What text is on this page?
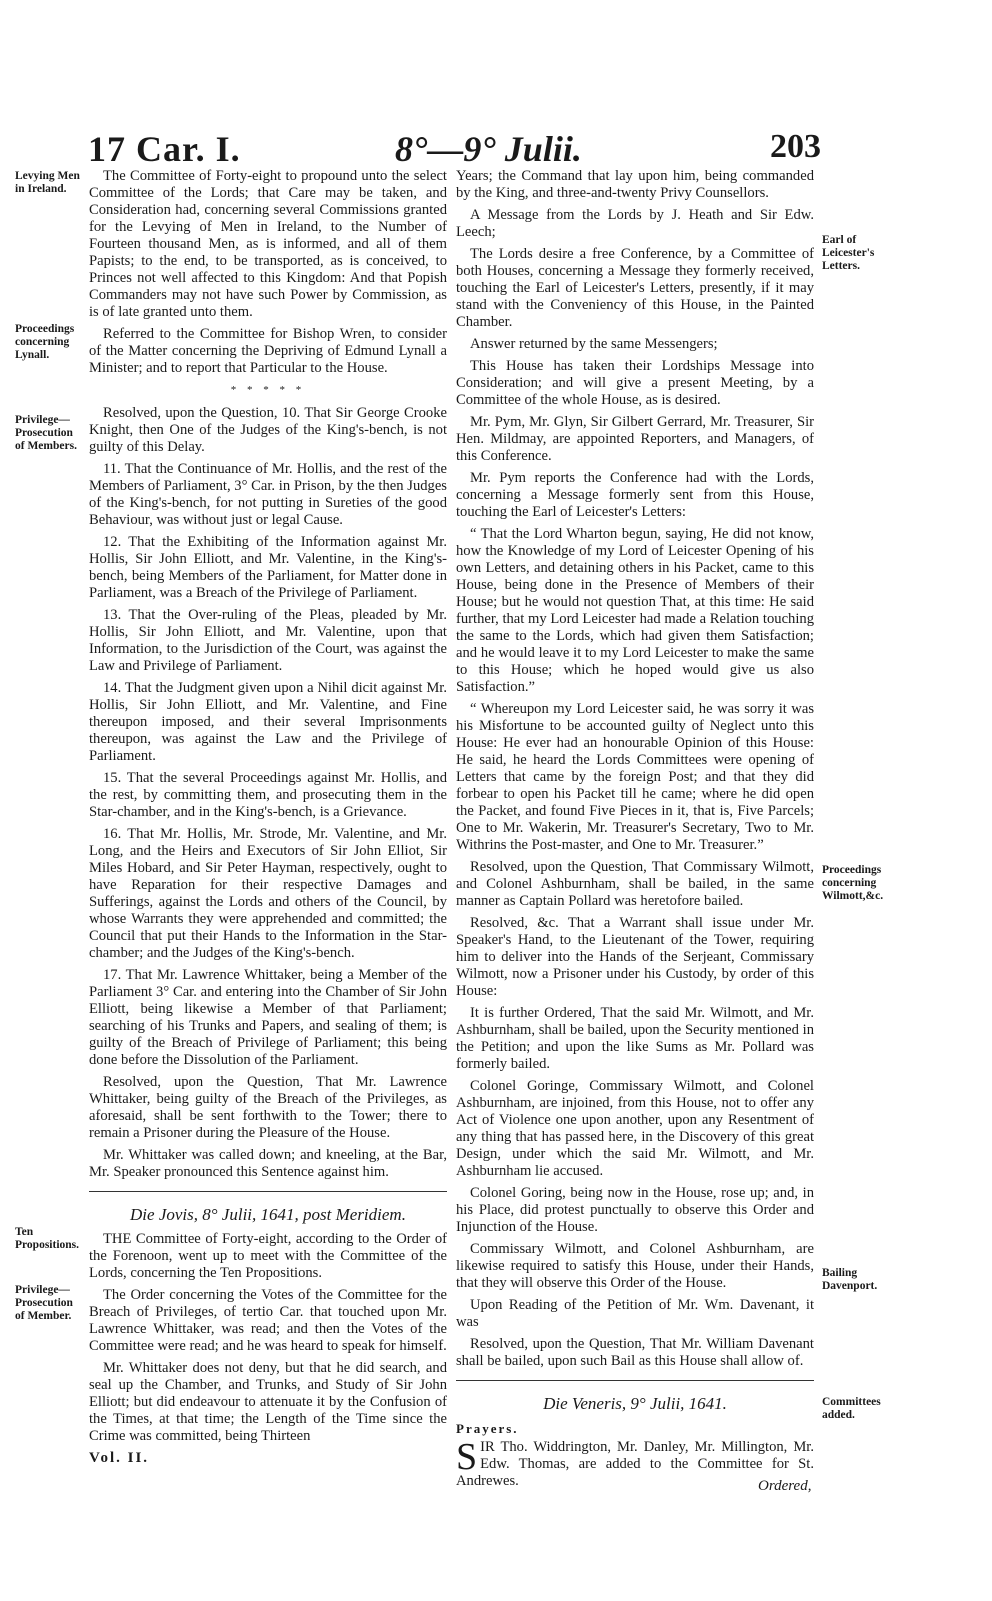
17 Car. I.	8°—9° Julii.	203
Levying Men in Ireland.
Proceedings concerning Lynall.
Privilege—Prosecution of Members.
Ten Propositions.
Privilege—Prosecution of Member.
Earl of Leicester's Letters.
Proceedings concerning Wilmott,&c.
Bailing Davenport.
Committees added.

The Committee of Forty-eight to propound unto the select Committee of the Lords; that Care may be taken, and Consideration had, concerning several Commissions granted for the Levying of Men in Ireland, to the Number of Fourteen thousand Men, as is informed, and all of them Papists; to the end, to be transported, as is conceived, to Princes not well affected to this Kingdom: And that Popish Commanders may not have such Power by Commission, as is of late granted unto them.

Referred to the Committee for Bishop Wren, to consider of the Matter concerning the Depriving of Edmund Lynall a Minister; and to report that Particular to the House.

* * * * *

Resolved, upon the Question, 10. That Sir George Crooke Knight, then One of the Judges of the King's-bench, is not guilty of this Delay.

11. That the Continuance of Mr. Hollis, and the rest of the Members of Parliament, 3° Car. in Prison, by the then Judges of the King's-bench, for not putting in Sureties of the good Behaviour, was without just or legal Cause.

12. That the Exhibiting of the Information against Mr. Hollis, Sir John Elliott, and Mr. Valentine, in the King's-bench, being Members of the Parliament, for Matter done in Parliament, was a Breach of the Privilege of Parliament.

13. That the Over-ruling of the Pleas, pleaded by Mr. Hollis, Sir John Elliott, and Mr. Valentine, upon that Information, to the Jurisdiction of the Court, was against the Law and Privilege of Parliament.

14. That the Judgment given upon a Nihil dicit against Mr. Hollis, Sir John Elliott, and Mr. Valentine, and Fine thereupon imposed, and their several Imprisonments thereupon, was against the Law and the Privilege of Parliament.

15. That the several Proceedings against Mr. Hollis, and the rest, by committing them, and prosecuting them in the Star-chamber, and in the King's-bench, is a Grievance.

16. That Mr. Hollis, Mr. Strode, Mr. Valentine, and Mr. Long, and the Heirs and Executors of Sir John Elliot, Sir Miles Hobard, and Sir Peter Hayman, respectively, ought to have Reparation for their respective Damages and Sufferings, against the Lords and others of the Council, by whose Warrants they were apprehended and committed; the Council that put their Hands to the Information in the Star-chamber; and the Judges of the King's-bench.

17. That Mr. Lawrence Whittaker, being a Member of the Parliament 3° Car. and entering into the Chamber of Sir John Elliott, being likewise a Member of that Parliament; searching of his Trunks and Papers, and sealing of them; is guilty of the Breach of Privilege of Parliament; this being done before the Dissolution of the Parliament.

Resolved, upon the Question, That Mr. Lawrence Whittaker, being guilty of the Breach of the Privileges, as aforesaid, shall be sent forthwith to the Tower; there to remain a Prisoner during the Pleasure of the House.

Mr. Whittaker was called down; and kneeling, at the Bar, Mr. Speaker pronounced this Sentence against him.

Die Jovis, 8° Julii, 1641, post Meridiem.

THE Committee of Forty-eight, according to the Order of the Forenoon, went up to meet with the Committee of the Lords, concerning the Ten Propositions.

The Order concerning the Votes of the Committee for the Breach of Privileges, of tertio Car. that touched upon Mr. Lawrence Whittaker, was read; and then the Votes of the Committee were read; and he was heard to speak for himself.

Mr. Whittaker does not deny, but that he did search, and seal up the Chamber, and Trunks, and Study of Sir John Elliott; but did endeavour to attenuate it by the Confusion of the Times, at that time; the Length of the Time since the Crime was committed, being Thirteen

Years; the Command that lay upon him, being commanded by the King, and three-and-twenty Privy Counsellors.

A Message from the Lords by J. Heath and Sir Edw. Leech;

The Lords desire a free Conference, by a Committee of both Houses, concerning a Message they formerly received, touching the Earl of Leicester's Letters, presently, if it may stand with the Conveniency of this House, in the Painted Chamber.

Answer returned by the same Messengers;

This House has taken their Lordships Message into Consideration; and will give a present Meeting, by a Committee of the whole House, as is desired.

Mr. Pym, Mr. Glyn, Sir Gilbert Gerrard, Mr. Treasurer, Sir Hen. Mildmay, are appointed Reporters, and Managers, of this Conference.

Mr. Pym reports the Conference had with the Lords, concerning a Message formerly sent from this House, touching the Earl of Leicester's Letters:

“ That the Lord Wharton begun, saying, He did not know, how the Knowledge of my Lord of Leicester Opening of his own Letters, and detaining others in his Packet, came to this House, being done in the Presence of Members of their House; but he would not question That, at this time: He said further, that my Lord Leicester had made a Relation touching the same to the Lords, which had given them Satisfaction; and he would leave it to my Lord Leicester to make the same to this House; which he hoped would give us also Satisfaction.”

“ Whereupon my Lord Leicester said, he was sorry it was his Misfortune to be accounted guilty of Neglect unto this House: He ever had an honourable Opinion of this House: He said, he heard the Lords Committees were opening of Letters that came by the foreign Post; and that they did forbear to open his Packet till he came; where he did open the Packet, and found Five Pieces in it, that is, Five Parcels; One to Mr. Wakerin, Mr. Treasurer's Secretary, Two to Mr. Withrins the Post-master, and One to Mr. Treasurer.”

Resolved, upon the Question, That Commissary Wilmott, and Colonel Ashburnham, shall be bailed, in the same manner as Captain Pollard was heretofore bailed.

Resolved, &c. That a Warrant shall issue under Mr. Speaker's Hand, to the Lieutenant of the Tower, requiring him to deliver into the Hands of the Serjeant, Commissary Wilmott, now a Prisoner under his Custody, by order of this House:

It is further Ordered, That the said Mr. Wilmott, and Mr. Ashburnham, shall be bailed, upon the Security mentioned in the Petition; and upon the like Sums as Mr. Pollard was formerly bailed.

Colonel Goringe, Commissary Wilmott, and Colonel Ashburnham, are injoined, from this House, not to offer any Act of Violence one upon another, upon any Resentment of any thing that has passed here, in the Discovery of this great Design, under which the said Mr. Wilmott, and Mr. Ashburnham lie accused.

Colonel Goring, being now in the House, rose up; and, in his Place, did protest punctually to observe this Order and Injunction of the House.

Commissary Wilmott, and Colonel Ashburnham, are likewise required to satisfy this House, under their Hands, that they will observe this Order of the House.

Upon Reading of the Petition of Mr. Wm. Davenant, it was

Resolved, upon the Question, That Mr. William Davenant shall be bailed, upon such Bail as this House shall allow of.

Die Veneris, 9° Julii, 1641.
Prayers.

SIR Tho. Widdrington, Mr. Danley, Mr. Millington, Mr. Edw. Thomas, are added to the Committee for St. Andrewes.

Vol. II.
Ordered,
